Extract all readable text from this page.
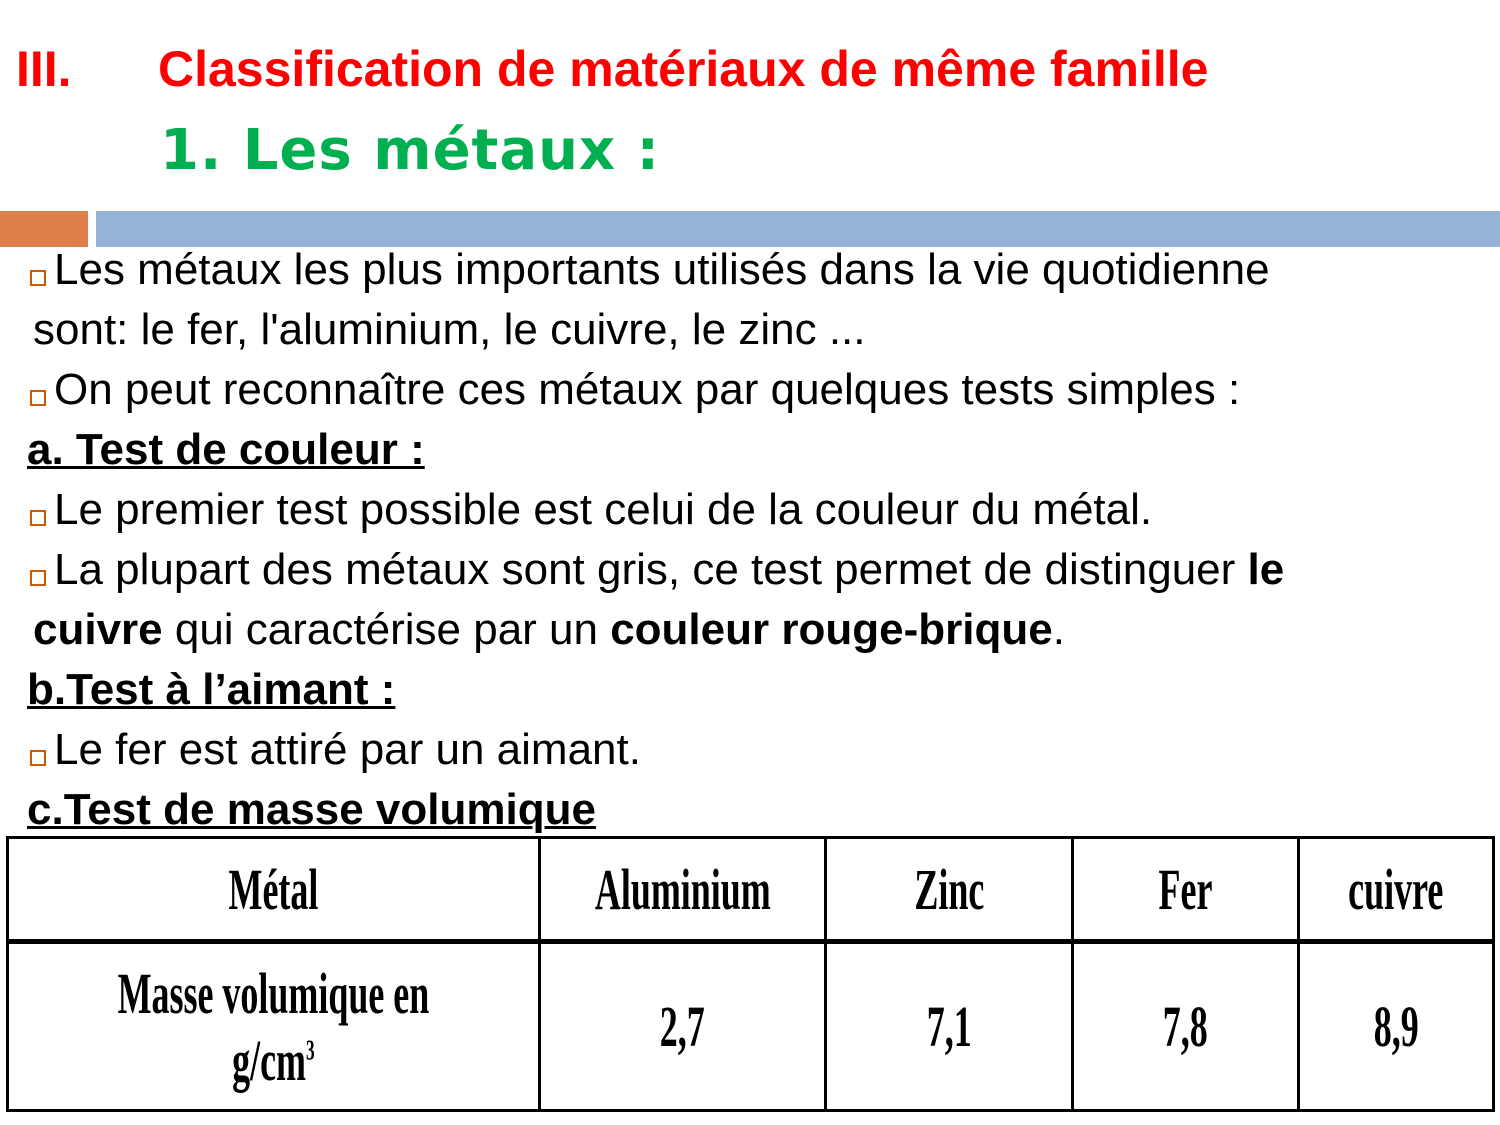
III. Classification de matériaux de même famille
1. Les métaux :
Les métaux les plus importants utilisés dans la vie quotidienne
sont: le fer, l'aluminium, le cuivre, le zinc ...
On peut reconnaître ces métaux par quelques tests simples :
a. Test de couleur :
Le premier test possible est celui de la couleur du métal.
La plupart des métaux sont gris, ce test permet de distinguer le
cuivre qui caractérise par un couleur rouge-brique.
b.Test à l’aimant :
Le fer est attiré par un aimant.
c.Test de masse volumique
Métal	Aluminium	Zinc	Fer	cuivre
Masse volumique en $g/cm^3$	2,7	7,1	7,8	8,9
